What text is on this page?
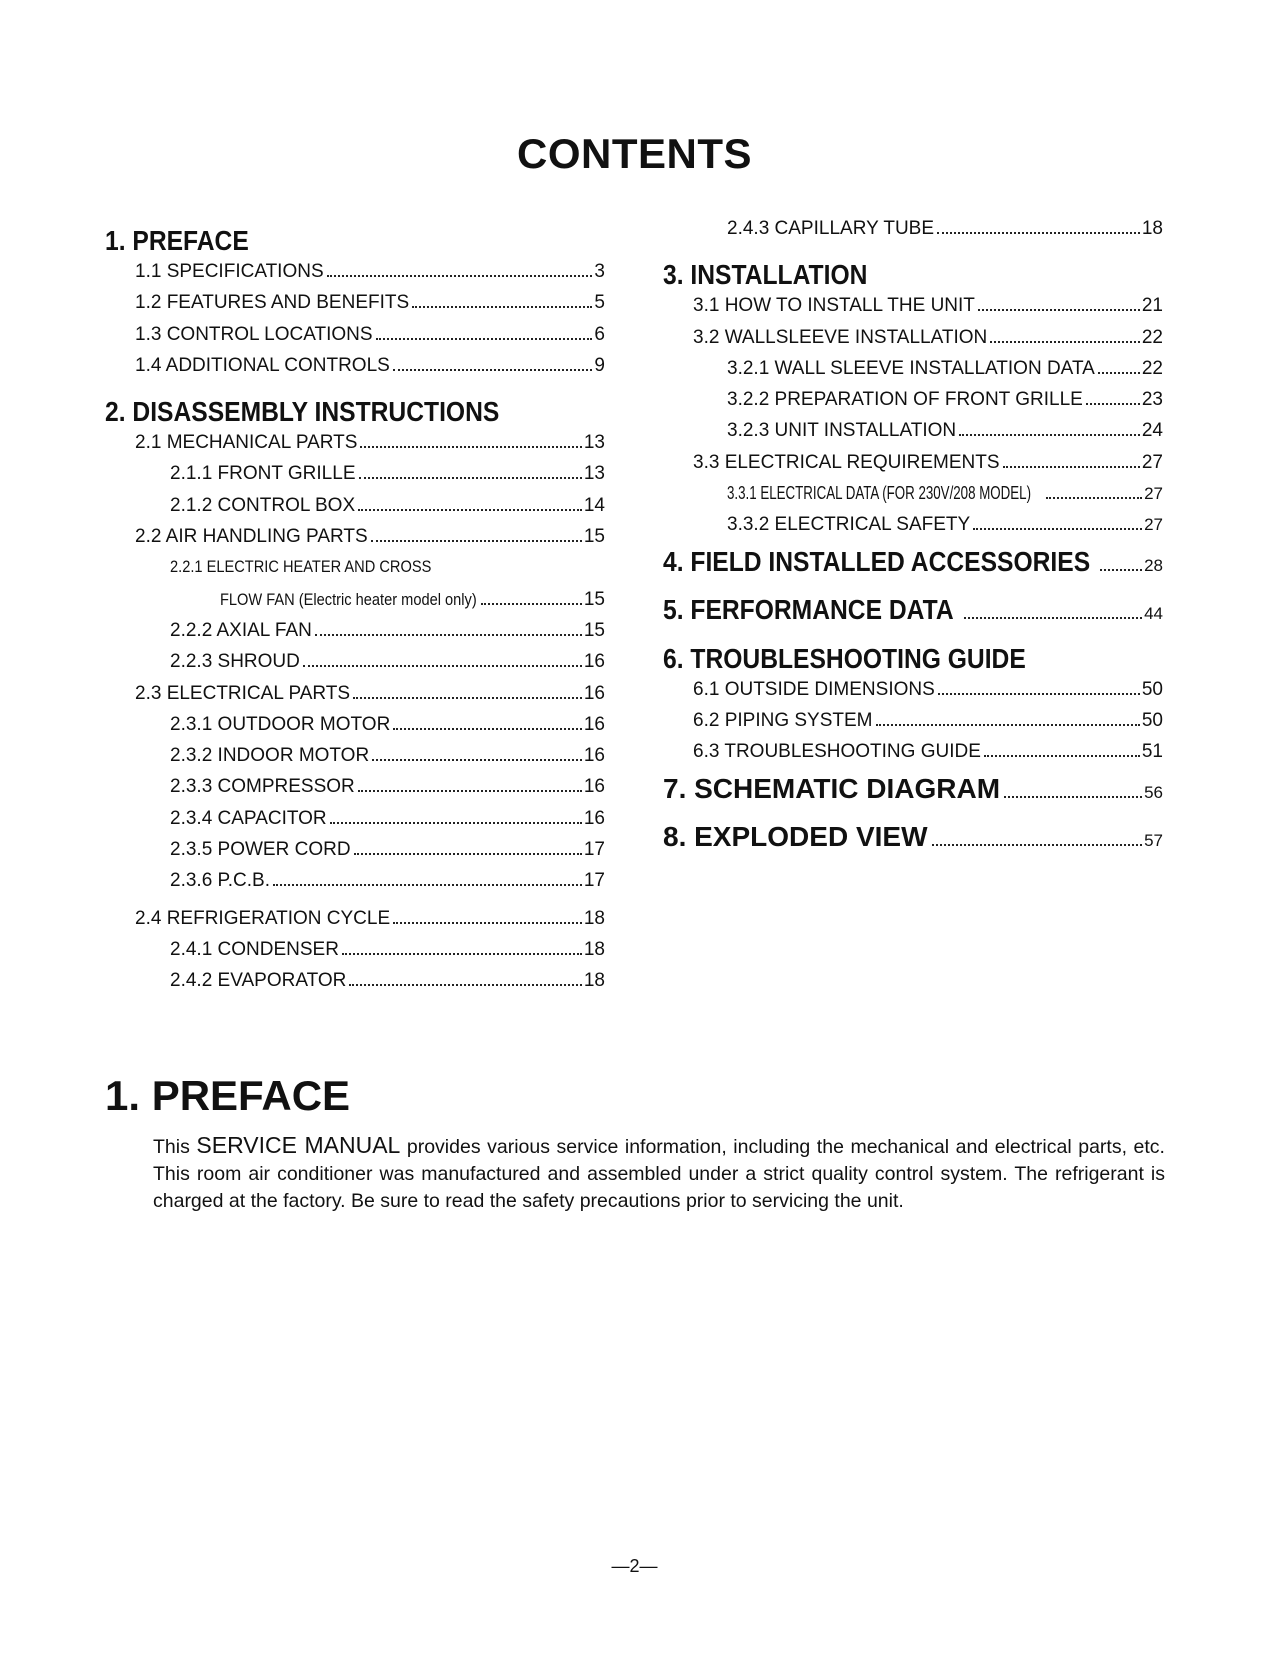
CONTENTS
1. PREFACE
1.1 SPECIFICATIONS	3
1.2 FEATURES AND BENEFITS	5
1.3 CONTROL LOCATIONS	6
1.4 ADDITIONAL CONTROLS	9
2. DISASSEMBLY INSTRUCTIONS
2.1 MECHANICAL PARTS	13
2.1.1 FRONT GRILLE	13
2.1.2 CONTROL BOX	14
2.2 AIR HANDLING PARTS	15
2.2.1 ELECTRIC HEATER AND CROSS
FLOW FAN (Electric heater model only)	15
2.2.2 AXIAL FAN	15
2.2.3 SHROUD	16
2.3 ELECTRICAL PARTS	16
2.3.1 OUTDOOR MOTOR	16
2.3.2 INDOOR MOTOR	16
2.3.3 COMPRESSOR	16
2.3.4 CAPACITOR	16
2.3.5 POWER CORD	17
2.3.6 P.C.B.	17
2.4 REFRIGERATION CYCLE	18
2.4.1 CONDENSER	18
2.4.2 EVAPORATOR	18
2.4.3 CAPILLARY TUBE	18
3. INSTALLATION
3.1 HOW TO INSTALL THE UNIT	21
3.2 WALLSLEEVE INSTALLATION	22
3.2.1 WALL SLEEVE INSTALLATION DATA 22
3.2.2 PREPARATION OF FRONT GRILLE	23
3.2.3 UNIT INSTALLATION	24
3.3 ELECTRICAL REQUIREMENTS	27
3.3.1 ELECTRICAL DATA (FOR 230V/208 MODEL)	27
3.3.2 ELECTRICAL SAFETY	27
4. FIELD INSTALLED ACCESSORIES	28
5. FERFORMANCE DATA	44
6. TROUBLESHOOTING GUIDE
6.1 OUTSIDE DIMENSIONS	50
6.2 PIPING SYSTEM	50
6.3 TROUBLESHOOTING GUIDE	51
7. SCHEMATIC DIAGRAM	56
8. EXPLODED VIEW	57
1. PREFACE
This SERVICE MANUAL provides various service information, including the mechanical and electrical parts, etc. This room air conditioner was manufactured and assembled under a strict quality control system. The refrigerant is charged at the factory. Be sure to read the safety precautions prior to servicing the unit.
—2—
